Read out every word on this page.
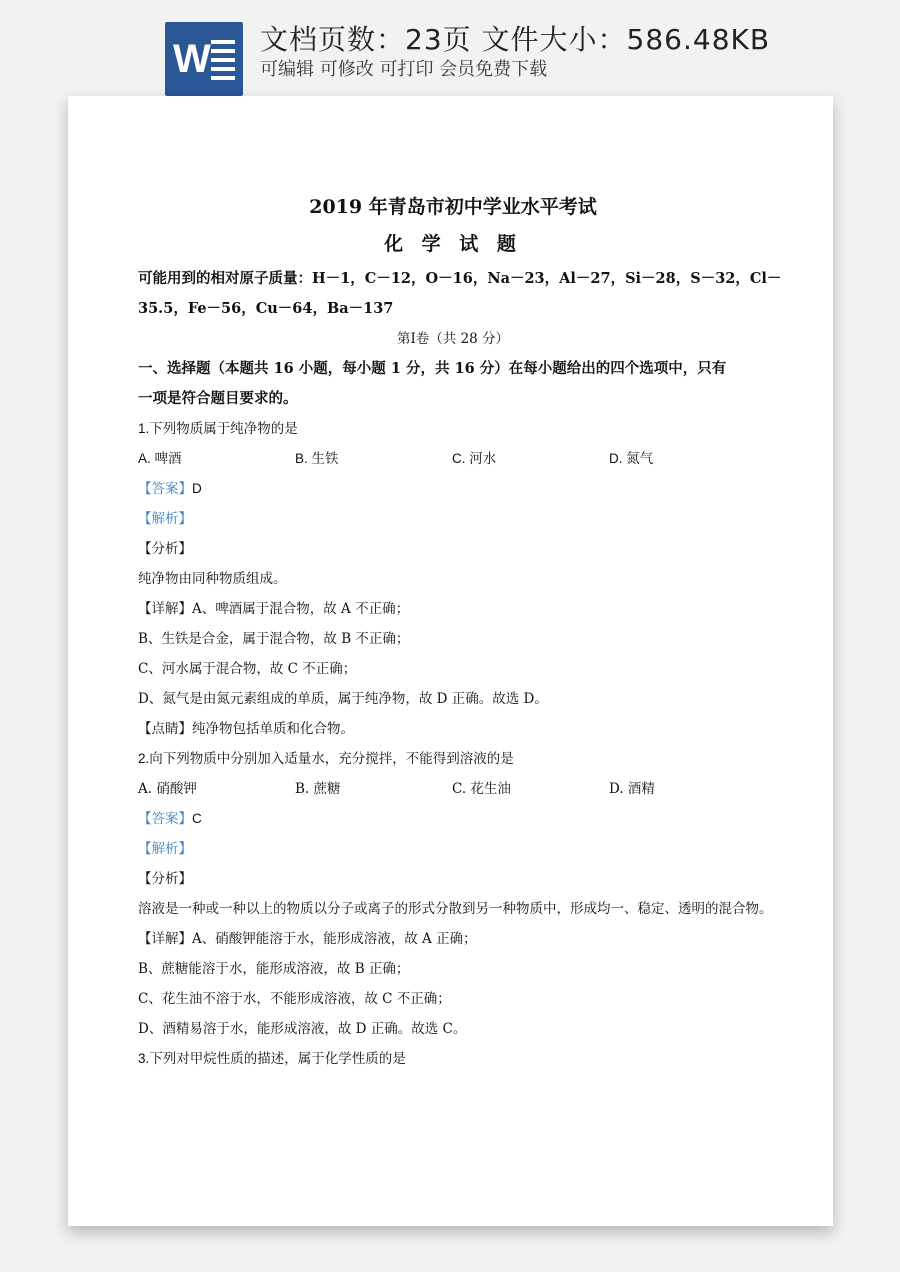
W 文档页数：23页 文件大小：586.48KB
可编辑 可修改 可打印 会员免费下载
2019 年青岛市初中学业水平考试
化 学 试 题
可能用到的相对原子质量：H－1，C－12，O－16，Na－23，Al－27，Si－28，S－32，Cl－
35.5，Fe－56，Cu－64，Ba－137
第Ⅰ卷（共 28 分）
一、选择题（本题共 16 小题，每小题 1 分，共 16 分）在每小题给出的四个选项中，只有
一项是符合题目要求的。
1.下列物质属于纯净物的是
A. 啤酒	B. 生铁	C. 河水	D. 氮气
【答案】D
【解析】
【分析】
纯净物由同种物质组成。
【详解】A、啤酒属于混合物，故 A 不正确；
B、生铁是合金，属于混合物，故 B 不正确；
C、河水属于混合物，故 C 不正确；
D、氮气是由氮元素组成的单质，属于纯净物，故 D 正确。故选 D。
【点睛】纯净物包括单质和化合物。
2.向下列物质中分别加入适量水，充分搅拌，不能得到溶液的是
A. 硝酸钾	B. 蔗糖	C. 花生油	D. 酒精
【答案】C
【解析】
【分析】
溶液是一种或一种以上的物质以分子或离子的形式分散到另一种物质中，形成均一、稳定、透明的混合物。
【详解】A、硝酸钾能溶于水，能形成溶液，故 A 正确；
B、蔗糖能溶于水，能形成溶液，故 B 正确；
C、花生油不溶于水，不能形成溶液，故 C 不正确；
D、酒精易溶于水，能形成溶液，故 D 正确。故选 C。
3.下列对甲烷性质的描述，属于化学性质的是
